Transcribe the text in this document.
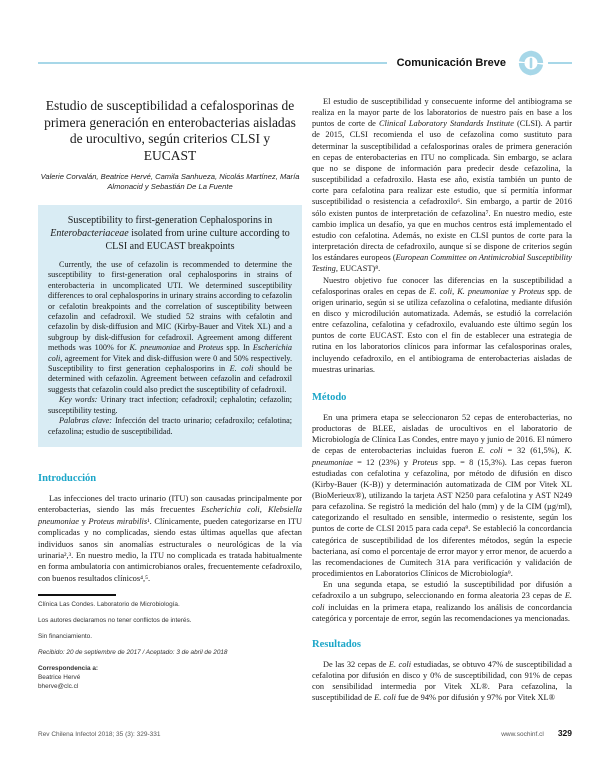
Comunicación Breve
Estudio de susceptibilidad a cefalosporinas de primera generación en enterobacterias aisladas de urocultivo, según criterios CLSI y EUCAST
Valerie Corvalán, Beatrice Hervé, Camila Sanhueza, Nicolás Martínez, María Almonacid y Sebastián De La Fuente
Susceptibility to first-generation Cephalosporins in Enterobacteriaceae isolated from urine culture according to CLSI and EUCAST breakpoints

Currently, the use of cefazolin is recommended to determine the susceptibility to first-generation oral cephalosporins in strains of enterobacteria in uncomplicated UTI. We determined susceptibility differences to oral cephalosporins in urinary strains according to cefazolin or cefalotin breakpoints and the correlation of susceptibility between cefazolin and cefadroxil. We studied 52 strains with cefalotin and cefazolin by disk-diffusion and MIC (Kirby-Bauer and Vitek XL) and a subgroup by disk-diffusion for cefadroxil. Agreement among different methods was 100% for K. pneumoniae and Proteus spp. In Escherichia coli, agreement for Vitek and disk-diffusion were 0 and 50% respectively. Susceptibility to first generation cephalosporins in E. coli should be determined with cefazolin. Agreement between cefazolin and cefadroxil suggests that cefazolin could also predict the susceptibility of cefadroxil.

Key words: Urinary tract infection; cefadroxil; cephalotin; cefazolin; susceptibility testing.

Palabras clave: Infección del tracto urinario; cefadroxilo; cefalotina; cefazolina; estudio de susceptibilidad.

Introducción

Las infecciones del tracto urinario (ITU) son causadas principalmente por enterobacterias, siendo las más frecuentes Escherichia coli, Klebsiella pneumoniae y Proteus mirabilis¹. Clínicamente, pueden categorizarse en ITU complicadas y no complicadas, siendo estas últimas aquellas que afectan individuos sanos sin anomalías estructurales o neurológicas de la vía urinaria²,³. En nuestro medio, la ITU no complicada es tratada habitualmente en forma ambulatoria con antimicrobianos orales, frecuentemente cefadroxilo, con buenos resultados clínicos⁴,⁵.

Clínica Las Condes. Laboratorio de Microbiología.

Los autores declaramos no tener conflictos de interés.

Sin financiamiento.

Recibido: 20 de septiembre de 2017 / Aceptado: 3 de abril de 2018

Correspondencia a:

Beatrice Hervé

bherve@clc.cl

El estudio de susceptibilidad y consecuente informe del antibiograma se realiza en la mayor parte de los laboratorios de nuestro país en base a los puntos de corte de Clinical Laboratory Standards Institute (CLSI). A partir de 2015, CLSI recomienda el uso de cefazolina como sustituto para determinar la susceptibilidad a cefalosporinas orales de primera generación en cepas de enterobacterias en ITU no complicada. Sin embargo, se aclara que no se dispone de información para predecir desde cefazolina, la susceptibilidad a cefadroxilo. Hasta ese año, existía también un punto de corte para cefalotina para realizar este estudio, que sí permitía informar susceptibilidad o resistencia a cefadroxilo⁶. Sin embargo, a partir de 2016 sólo existen puntos de interpretación de cefazolina⁷. En nuestro medio, este cambio implica un desafío, ya que en muchos centros está implementado el estudio con cefalotina. Además, no existe en CLSI puntos de corte para la interpretación directa de cefadroxilo, aunque sí se dispone de criterios según los estándares europeos (European Committee on Antimicrobial Susceptibility Testing, EUCAST)⁸.

Nuestro objetivo fue conocer las diferencias en la susceptibilidad a cefalosporinas orales en cepas de E. coli, K. pneumoniae y Proteus spp. de origen urinario, según si se utiliza cefazolina o cefalotina, mediante difusión en disco y microdilución automatizada. Además, se estudió la correlación entre cefazolina, cefalotina y cefadroxilo, evaluando este último según los puntos de corte EUCAST. Esto con el fin de establecer una estrategia de rutina en los laboratorios clínicos para informar las cefalosporinas orales, incluyendo cefadroxilo, en el antibiograma de enterobacterias aisladas de muestras urinarias.

Método

En una primera etapa se seleccionaron 52 cepas de enterobacterias, no productoras de BLEE, aisladas de urocultivos en el laboratorio de Microbiología de Clínica Las Condes, entre mayo y junio de 2016. El número de cepas de enterobacterias incluidas fueron E. coli = 32 (61,5%), K. pneumoniae = 12 (23%) y Proteus spp. = 8 (15,3%). Las cepas fueron estudiadas con cefalotina y cefazolina, por método de difusión en disco (Kirby-Bauer (K-B)) y determinación automatizada de CIM por Vitek XL (BioMerieux®), utilizando la tarjeta AST N250 para cefalotina y AST N249 para cefazolina. Se registró la medición del halo (mm) y de la CIM (µg/ml), categorizando el resultado en sensible, intermedio o resistente, según los puntos de corte de CLSI 2015 para cada cepa⁹. Se estableció la concordancia categórica de susceptibilidad de los diferentes métodos, según la especie bacteriana, así como el porcentaje de error mayor y error menor, de acuerdo a las recomendaciones de Cumitech 31A para verificación y validación de procedimientos en Laboratorios Clínicos de Microbiología⁹.

En una segunda etapa, se estudió la susceptibilidad por difusión a cefadroxilo a un subgrupo, seleccionando en forma aleatoria 23 cepas de E. coli incluidas en la primera etapa, realizando los análisis de concordancia categórica y porcentaje de error, según las recomendaciones ya mencionadas.

Resultados

De las 32 cepas de E. coli estudiadas, se obtuvo 47% de susceptibilidad a cefalotina por difusión en disco y 0% de susceptibilidad, con 91% de cepas con sensibilidad intermedia por Vitek XL®. Para cefazolina, la susceptibilidad de E. coli fue de 94% por difusión y 97% por Vitek XL®

Rev Chilena Infectol 2018; 35 (3): 329-331	www.sochinf.cl 329
